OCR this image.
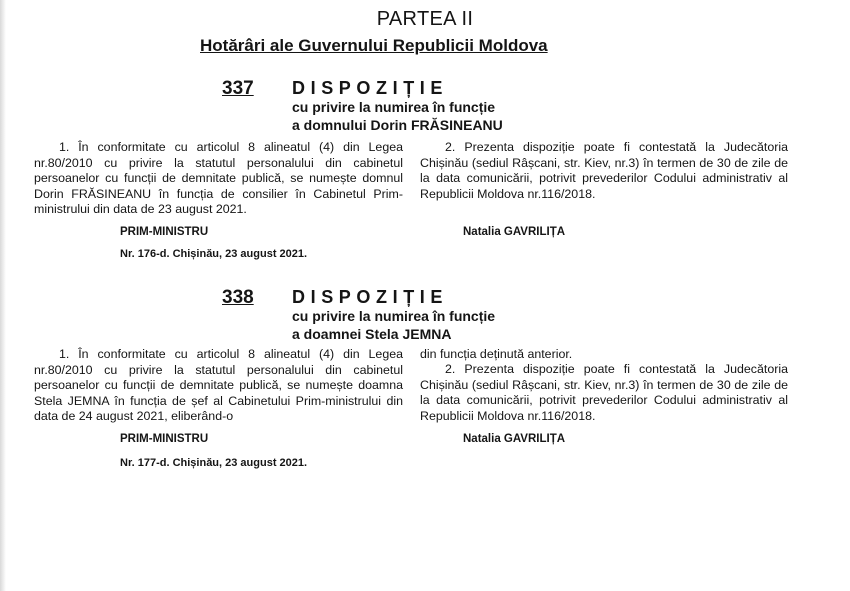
PARTEA II
Hotărâri ale Guvernului Republicii Moldova
337 DISPOZIȚIE
cu privire la numirea în funcție
a domnului Dorin FRĂSINEANU
1. În conformitate cu articolul 8 alineatul (4) din Legea nr.80/2010 cu privire la statutul personalului din cabinetul persoanelor cu funcții de demnitate publică, se numește domnul Dorin FRĂSINEANU în funcția de consilier în Cabinetul Prim-ministrului din data de 23 august 2021.
2. Prezenta dispoziție poate fi contestată la Judecătoria Chișinău (sediul Râșcani, str. Kiev, nr.3) în termen de 30 de zile de la data comunicării, potrivit prevederilor Codului administrativ al Republicii Moldova nr.116/2018.
PRIM-MINISTRU	Natalia GAVRILIȚA
Nr. 176-d. Chișinău, 23 august 2021.
338 DISPOZIȚIE
cu privire la numirea în funcție
a doamnei Stela JEMNA
1. În conformitate cu articolul 8 alineatul (4) din Legea nr.80/2010 cu privire la statutul personalului din cabinetul persoanelor cu funcții de demnitate publică, se numește doamna Stela JEMNA în funcția de șef al Cabinetului Prim-ministrului din data de 24 august 2021, eliberând-o
din funcția deținută anterior.
2. Prezenta dispoziție poate fi contestată la Judecătoria Chișinău (sediul Râșcani, str. Kiev, nr.3) în termen de 30 de zile de la data comunicării, potrivit prevederilor Codului administrativ al Republicii Moldova nr.116/2018.
PRIM-MINISTRU	Natalia GAVRILIȚA
Nr. 177-d. Chișinău, 23 august 2021.
